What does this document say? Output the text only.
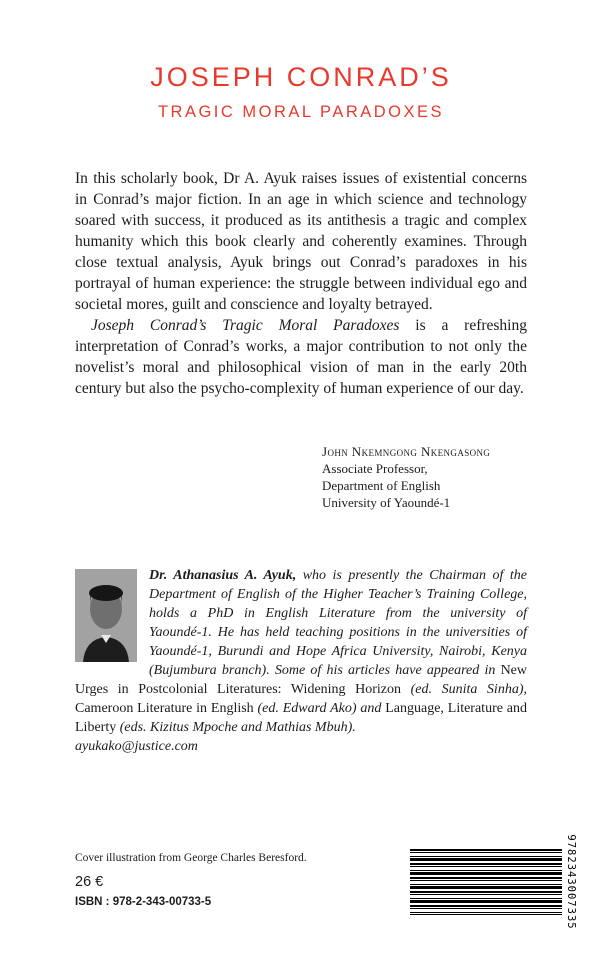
JOSEPH CONRAD’S
TRAGIC MORAL PARADOXES

In this scholarly book, Dr A. Ayuk raises issues of existential concerns in Conrad’s major fiction. In an age in which science and technology soared with success, it produced as its antithesis a tragic and complex humanity which this book clearly and coherently examines. Through close textual analysis, Ayuk brings out Conrad’s paradoxes in his portrayal of human experience: the struggle between individual ego and societal mores, guilt and conscience and loyalty betrayed.

Joseph Conrad’s Tragic Moral Paradoxes is a refreshing interpretation of Conrad’s works, a major contribution to not only the novelist’s moral and philosophical vision of man in the early 20th century but also the psycho-complexity of human experience of our day.

John Nkemngong Nkengasong
Associate Professor,
Department of English
University of Yaoundé-1

Dr. Athanasius A. Ayuk, who is presently the Chairman of the Department of English of the Higher Teacher’s Training College, holds a PhD in English Literature from the university of Yaoundé-1. He has held teaching positions in the universities of Yaoundé-1, Burundi and Hope Africa University, Nairobi, Kenya (Bujumbura branch). Some of his articles have appeared in New Urges in Postcolonial Literatures: Widening Horizon (ed. Sunita Sinha), Cameroon Literature in English (ed. Edward Ako) and Language, Literature and Liberty (eds. Kizitus Mpoche and Mathias Mbuh).

ayukako@justice.com

Cover illustration from George Charles Beresford.
26 €
ISBN : 978-2-343-00733-5	9782343007335
